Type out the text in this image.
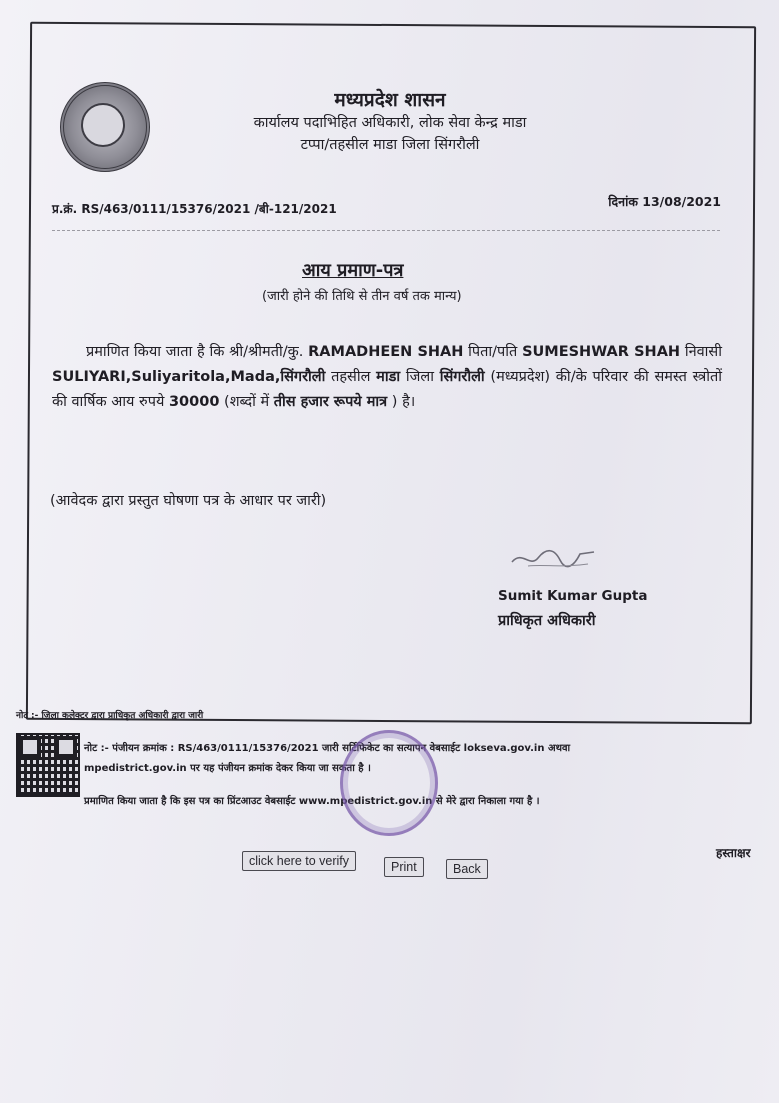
मध्यप्रदेश शासन
कार्यालय पदाभिहित अधिकारी, लोक सेवा केन्द्र माडा
टप्पा/तहसील माडा जिला सिंगरौली
प्र.क्रं. RS/463/0111/15376/2021 /बी-121/2021	दिनांक 13/08/2021
आय प्रमाण-पत्र
(जारी होने की तिथि से तीन वर्ष तक मान्य)
प्रमाणित किया जाता है कि श्री/श्रीमती/कु. RAMADHEEN SHAH पिता/पति SUMESHWAR SHAH निवासी SULIYARI,Suliyaritola,Mada,सिंगरौली तहसील माडा जिला सिंगरौली (मध्यप्रदेश) की/के परिवार की समस्त स्त्रोतों की वार्षिक आय रुपये 30000 (शब्दों में तीस हजार रूपये मात्र ) है।
(आवेदक द्वारा प्रस्तुत घोषणा पत्र के आधार पर जारी)
Sumit Kumar Gupta
प्राधिकृत अधिकारी
नोट :- जिला कलेक्टर द्वारा प्राधिकृत अधिकारी द्वारा जारी
नोट :- पंजीयन क्रमांक : RS/463/0111/15376/2021 जारी सर्टिफिकेट का सत्यापन वेबसाईट lokseva.gov.in अथवा
mpedistrict.gov.in पर यह पंजीयन क्रमांक देकर किया जा सकता है ।
प्रमाणित किया जाता है कि इस पत्र का प्रिंटआउट वेबसाईट www.mpedistrict.gov.in से मेरे द्वारा निकाला गया है ।
click here to verify	Print	Back
हस्ताक्षर
